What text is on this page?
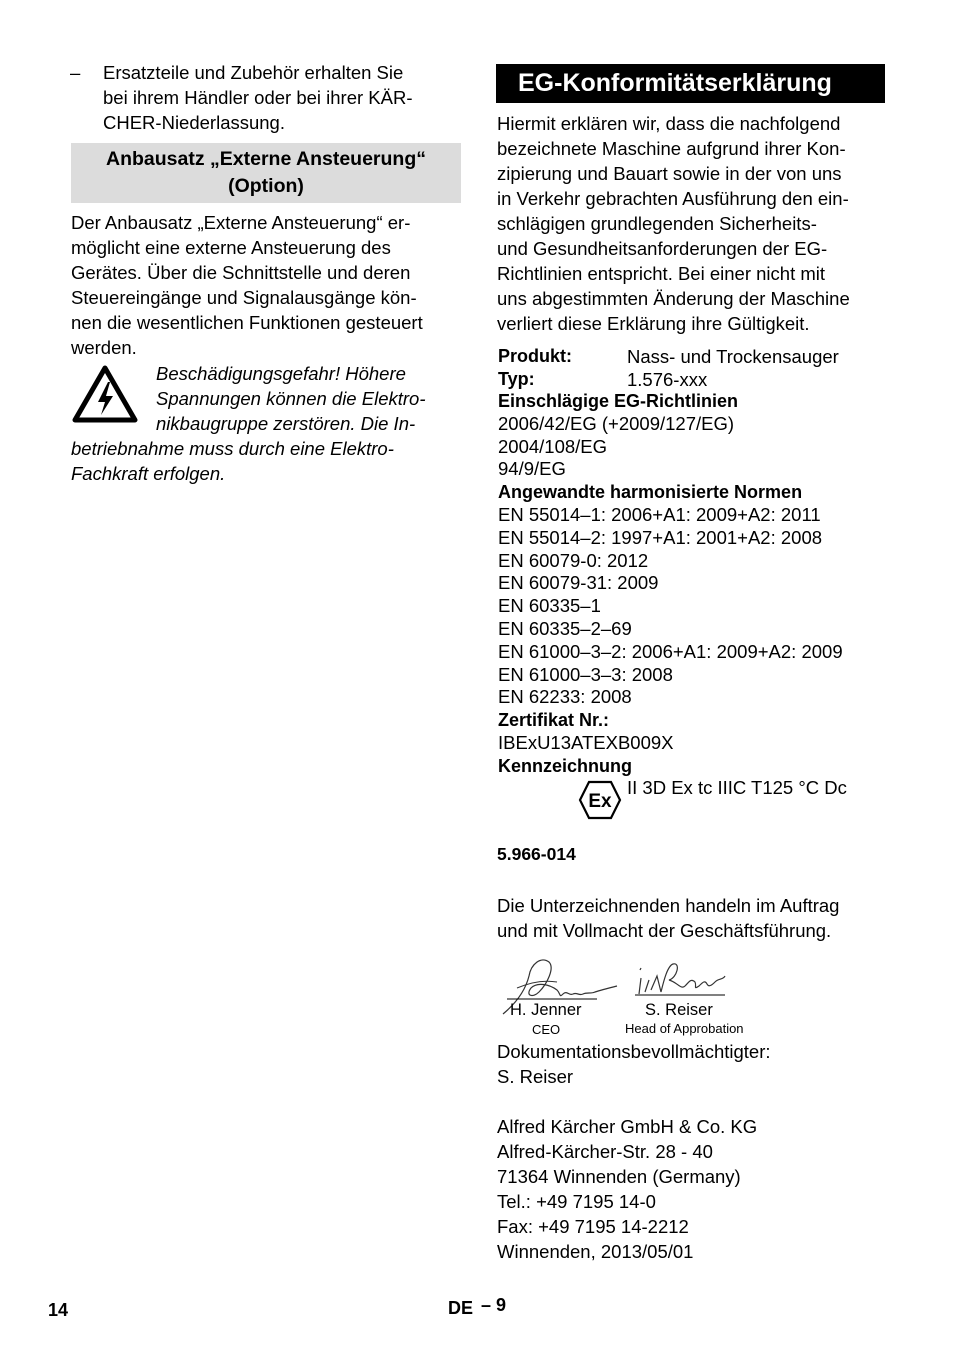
– Ersatzteile und Zubehör erhalten Sie
bei ihrem Händler oder bei ihrer KÄR-
CHER-Niederlassung.
Anbausatz „Externe Ansteuerung“
(Option)
Der Anbausatz „Externe Ansteuerung“ er-
möglicht eine externe Ansteuerung des
Gerätes. Über die Schnittstelle und deren
Steuereingänge und Signalausgänge kön-
nen die wesentlichen Funktionen gesteuert
werden.
Beschädigungsgefahr! Höhere
Spannungen können die Elektro-
nikbaugruppe zerstören. Die In-
betriebnahme muss durch eine Elektro-
Fachkraft erfolgen.
EG-Konformitätserklärung
Hiermit erklären wir, dass die nachfolgend
bezeichnete Maschine aufgrund ihrer Kon-
zipierung und Bauart sowie in der von uns
in Verkehr gebrachten Ausführung den ein-
schlägigen grundlegenden Sicherheits-
und Gesundheitsanforderungen der EG-
Richtlinien entspricht. Bei einer nicht mit
uns abgestimmten Änderung der Maschine
verliert diese Erklärung ihre Gültigkeit.
Produkt:	Nass- und Trockensauger
Typ:	1.576-xxx
Einschlägige EG-Richtlinien
2006/42/EG (+2009/127/EG)
2004/108/EG
94/9/EG
Angewandte harmonisierte Normen
EN 55014–1: 2006+A1: 2009+A2: 2011
EN 55014–2: 1997+A1: 2001+A2: 2008
EN 60079-0: 2012
EN 60079-31: 2009
EN 60335–1
EN 60335–2–69
EN 61000–3–2: 2006+A1: 2009+A2: 2009
EN 61000–3–3: 2008
EN 62233: 2008
Zertifikat Nr.:
IBExU13ATEXB009X
Kennzeichnung
Ex
II 3D Ex tc IIIC T125 °C Dc
5.966-014
Die Unterzeichnenden handeln im Auftrag
und mit Vollmacht der Geschäftsführung.
H. Jenner
CEO
S. Reiser
Head of Approbation
Dokumentationsbevollmächtigter:
S. Reiser
Alfred Kärcher GmbH & Co. KG
Alfred-Kärcher-Str. 28 - 40
71364 Winnenden (Germany)
Tel.: +49 7195 14-0
Fax: +49 7195 14-2212
Winnenden, 2013/05/01
14	DE – 9
